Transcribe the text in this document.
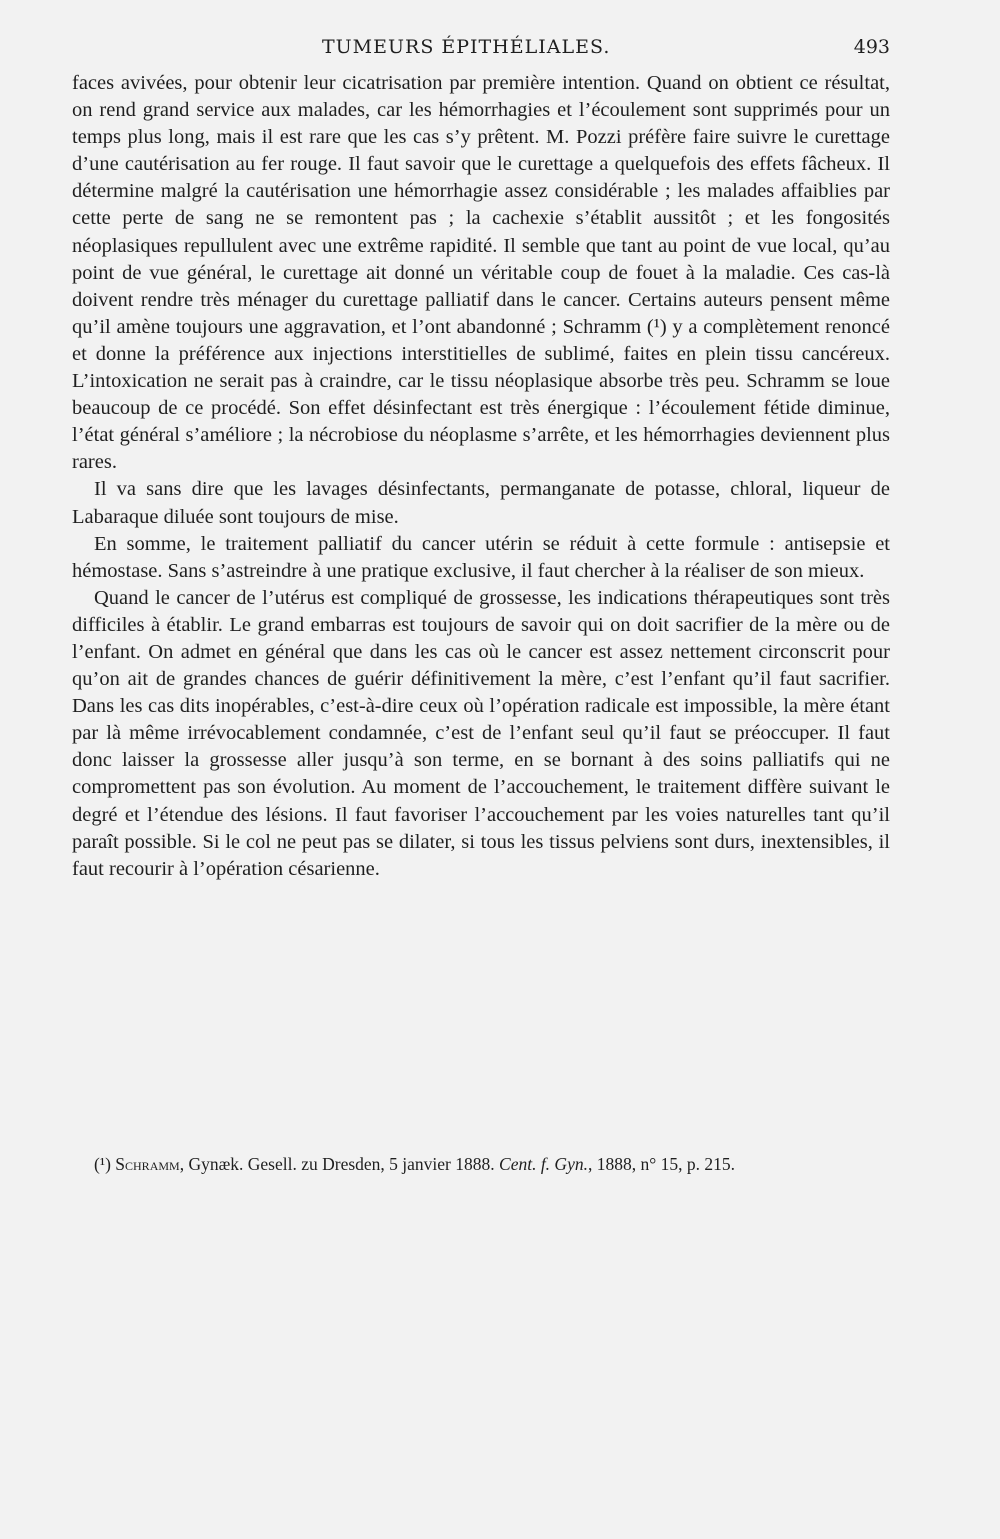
TUMEURS ÉPITHÉLIALES.	493

faces avivées, pour obtenir leur cicatrisation par première intention. Quand on obtient ce résultat, on rend grand service aux malades, car les hémorrhagies et l’écoulement sont supprimés pour un temps plus long, mais il est rare que les cas s’y prêtent. M. Pozzi préfère faire suivre le curettage d’une cautérisation au fer rouge. Il faut savoir que le curettage a quelquefois des effets fâcheux. Il détermine malgré la cautérisation une hémorrhagie assez considérable ; les malades affaiblies par cette perte de sang ne se remontent pas ; la cachexie s’établit aussitôt ; et les fongosités néoplasiques repullulent avec une extrême rapidité. Il semble que tant au point de vue local, qu’au point de vue général, le curettage ait donné un véritable coup de fouet à la maladie. Ces cas-là doivent rendre très ménager du curettage palliatif dans le cancer. Certains auteurs pensent même qu’il amène toujours une aggravation, et l’ont abandonné ; Schramm (¹) y a complètement renoncé et donne la préférence aux injections interstitielles de sublimé, faites en plein tissu cancéreux. L’intoxication ne serait pas à craindre, car le tissu néoplasique absorbe très peu. Schramm se loue beaucoup de ce procédé. Son effet désinfectant est très énergique : l’écoulement fétide diminue, l’état général s’améliore ; la nécrobiose du néoplasme s’arrête, et les hémorrhagies deviennent plus rares.

Il va sans dire que les lavages désinfectants, permanganate de potasse, chloral, liqueur de Labaraque diluée sont toujours de mise.

En somme, le traitement palliatif du cancer utérin se réduit à cette formule : antisepsie et hémostase. Sans s’astreindre à une pratique exclusive, il faut chercher à la réaliser de son mieux.

Quand le cancer de l’utérus est compliqué de grossesse, les indications thérapeutiques sont très difficiles à établir. Le grand embarras est toujours de savoir qui on doit sacrifier de la mère ou de l’enfant. On admet en général que dans les cas où le cancer est assez nettement circonscrit pour qu’on ait de grandes chances de guérir définitivement la mère, c’est l’enfant qu’il faut sacrifier. Dans les cas dits inopérables, c’est-à-dire ceux où l’opération radicale est impossible, la mère étant par là même irrévocablement condamnée, c’est de l’enfant seul qu’il faut se préoccuper. Il faut donc laisser la grossesse aller jusqu’à son terme, en se bornant à des soins palliatifs qui ne compromettent pas son évolution. Au moment de l’accouchement, le traitement diffère suivant le degré et l’étendue des lésions. Il faut favoriser l’accouchement par les voies naturelles tant qu’il paraît possible. Si le col ne peut pas se dilater, si tous les tissus pelviens sont durs, inextensibles, il faut recourir à l’opération césarienne.

(¹) Schramm, Gynæk. Gesell. zu Dresden, 5 janvier 1888. Cent. f. Gyn., 1888, n° 15, p. 215.
